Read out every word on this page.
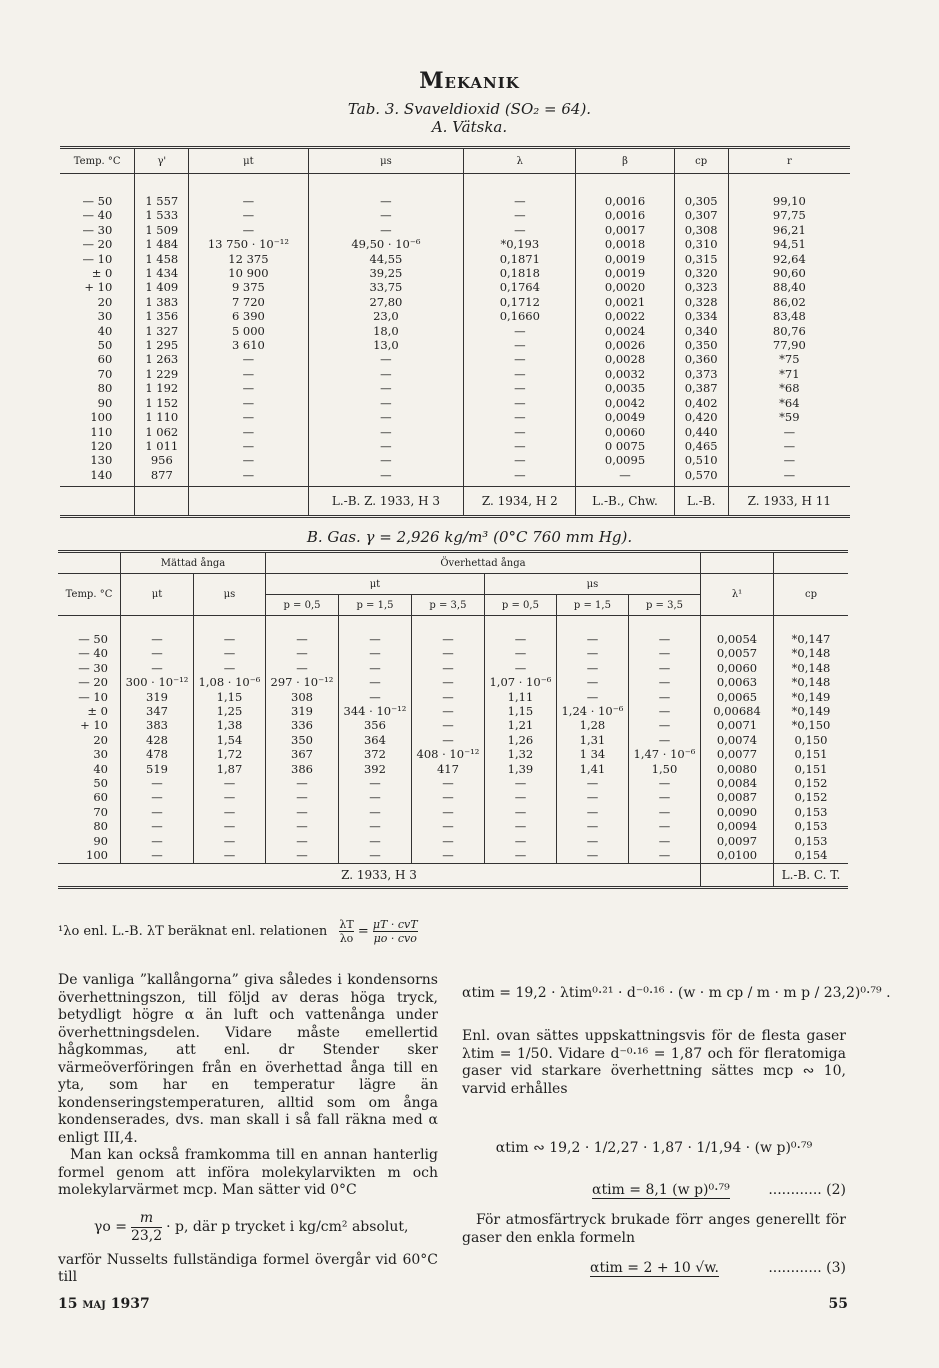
Mekanik
Tab. 3. Svaveldioxid (SO₂ = 64).
A. Vätska.
Temp. °C	γ'	μt	μs	λ	β	cp	r

— 50	1 557	—	—	—	0,0016	0,305	99,10
— 40	1 533	—	—	—	0,0016	0,307	97,75
— 30	1 509	—	—	—	0,0017	0,308	96,21
— 20	1 484	13 750 · 10⁻¹²	49,50 · 10⁻⁶	*0,193	0,0018	0,310	94,51
— 10	1 458	12 375	44,55	0,1871	0,0019	0,315	92,64
± 0	1 434	10 900	39,25	0,1818	0,0019	0,320	90,60
+ 10	1 409	9 375	33,75	0,1764	0,0020	0,323	88,40
20	1 383	7 720	27,80	0,1712	0,0021	0,328	86,02
30	1 356	6 390	23,0	0,1660	0,0022	0,334	83,48
40	1 327	5 000	18,0	—	0,0024	0,340	80,76
50	1 295	3 610	13,0	—	0,0026	0,350	77,90
60	1 263	—	—	—	0,0028	0,360	*75
70	1 229	—	—	—	0,0032	0,373	*71
80	1 192	—	—	—	0,0035	0,387	*68
90	1 152	—	—	—	0,0042	0,402	*64
100	1 110	—	—	—	0,0049	0,420	*59
110	1 062	—	—	—	0,0060	0,440	—
120	1 011	—	—	—	0 0075	0,465	—
130	956	—	—	—	0,0095	0,510	—
140	877	—	—	—	—	0,570	—

			L.-B. Z. 1933, H 3	Z. 1934, H 2	L.-B., Chw.	L.-B.	Z. 1933, H 11
B. Gas. γ = 2,926 kg/m³ (0°C 760 mm Hg).
	Mättad ånga		Överhettad ånga							
Temp. °C	μt	μs	μt			μs			λ¹	cp
			p = 0,5	p = 1,5	p = 3,5	p = 0,5	p = 1,5	p = 3,5		

— 50	—	—	—	—	—	—	—	—	0,0054	*0,147
— 40	—	—	—	—	—	—	—	—	0,0057	*0,148
— 30	—	—	—	—	—	—	—	—	0,0060	*0,148
— 20	300 · 10⁻¹²	1,08 · 10⁻⁶	297 · 10⁻¹²	—	—	1,07 · 10⁻⁶	—	—	0,0063	*0,148
— 10	319	1,15	308	—	—	1,11	—	—	0,0065	*0,149
± 0	347	1,25	319	344 · 10⁻¹²	—	1,15	1,24 · 10⁻⁶	—	0,00684	*0,149
+ 10	383	1,38	336	356	—	1,21	1,28	—	0,0071	*0,150
20	428	1,54	350	364	—	1,26	1,31	—	0,0074	0,150
30	478	1,72	367	372	408 · 10⁻¹²	1,32	1 34	1,47 · 10⁻⁶	0,0077	0,151
40	519	1,87	386	392	417	1,39	1,41	1,50	0,0080	0,151
50	—	—	—	—	—	—	—	—	0,0084	0,152
60	—	—	—	—	—	—	—	—	0,0087	0,152
70	—	—	—	—	—	—	—	—	0,0090	0,153
80	—	—	—	—	—	—	—	—	0,0094	0,153
90	—	—	—	—	—	—	—	—	0,0097	0,153
100	—	—	—	—	—	—	—	—	0,0100	0,154
Z. 1933, H 3										L.-B. C. T.
¹λo enl. L.-B. λT beräknat enl. relationen $\frac{\lambda T}{\lambda o} = \mu T$ · cvT
μo · cvo
De vanliga ”kallångorna” giva således i kondensorns överhettningszon, till följd av deras höga tryck, betydligt högre α än luft och vattenånga under överhettningsdelen. Vidare måste emellertid hågkommas, att enl. dr Stender sker värmeöverföringen från en överhettad ånga till en yta, som har en temperatur lägre än kondenseringstemperaturen, alltid som om ånga kondenserades, dvs. man skall i så fall räkna med α enligt III,4.
Man kan också framkomma till en annan hanterlig formel genom att införa molekylarvikten m och molekylarvärmet mcp. Man sätter vid 0°C
$\gamma o = \frac{m}{23,2} \cdot p$, där p trycket i kg/cm² absolut,
varför Nusselts fullständiga formel övergår vid 60°C till
αtim = 19,2 · λtim⁰·²¹ · d⁻⁰·¹⁶ · (w · m cp / m · m p / 23,2)⁰·⁷⁹ .
Enl. ovan sättes uppskattningsvis för de flesta gaser λtim = 1/50. Vidare d⁻⁰·¹⁶ = 1,87 och för fleratomiga gaser vid starkare överhettning sättes mcp ∾ 10, varvid erhålles
αtim ∾ 19,2 · 1/2,27 · 1,87 · 1/1,94 · (w p)⁰·⁷⁹
αtim = 8,1 (w p)⁰·⁷⁹	............ (2)
För atmosfärtryck brukade förr anges generellt för gaser den enkla formeln
αtim = 2 + 10 √w.	............ (3)
15 maj 1937	55
